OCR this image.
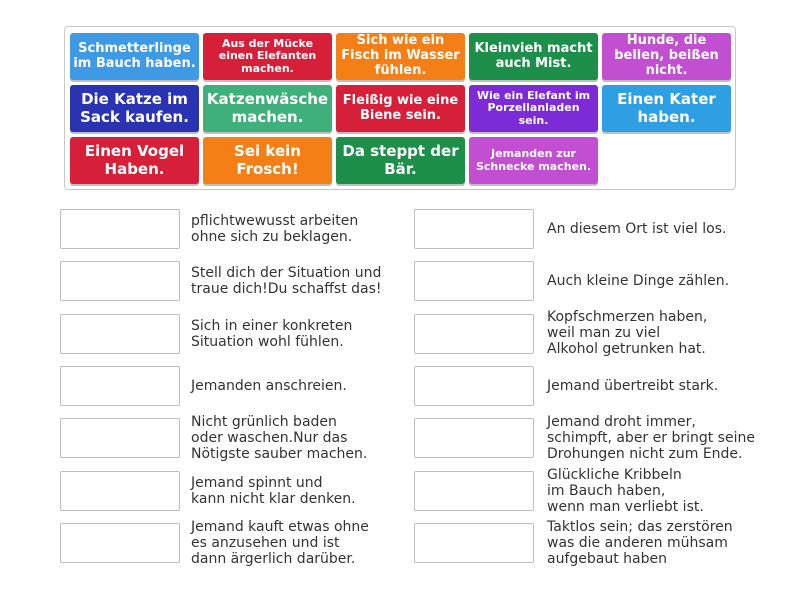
Schmetterlinge im Bauch haben.
Aus der Mücke einen Elefanten machen.
Sich wie ein Fisch im Wasser fühlen.
Kleinvieh macht auch Mist.
Hunde, die bellen, beißen nicht.
Die Katze im Sack kaufen.
Katzenwäsche machen.
Fleißig wie eine Biene sein.
Wie ein Elefant im Porzellanladen sein.
Einen Kater haben.
Einen Vogel Haben.
Sei kein Frosch!
Da steppt der Bär.
Jemanden zur Schnecke machen.
pflichtwewusst arbeiten
ohne sich zu beklagen.
Stell dich der Situation und
traue dich!Du schaffst das!
Sich in einer konkreten
Situation wohl fühlen.
Jemanden anschreien.
Nicht grünlich baden
oder waschen.Nur das
Nötigste sauber machen.
Jemand spinnt und
kann nicht klar denken.
Jemand kauft etwas ohne
es anzusehen und ist
dann ärgerlich darüber.
An diesem Ort ist viel los.
Auch kleine Dinge zählen.
Kopfschmerzen haben,
weil man zu viel
Alkohol getrunken hat.
Jemand übertreibt stark.
Jemand droht immer,
schimpft, aber er bringt seine
Drohungen nicht zum Ende.
Glückliche Kribbeln
im Bauch haben,
wenn man verliebt ist.
Taktlos sein; das zerstören
was die anderen mühsam
aufgebaut haben
